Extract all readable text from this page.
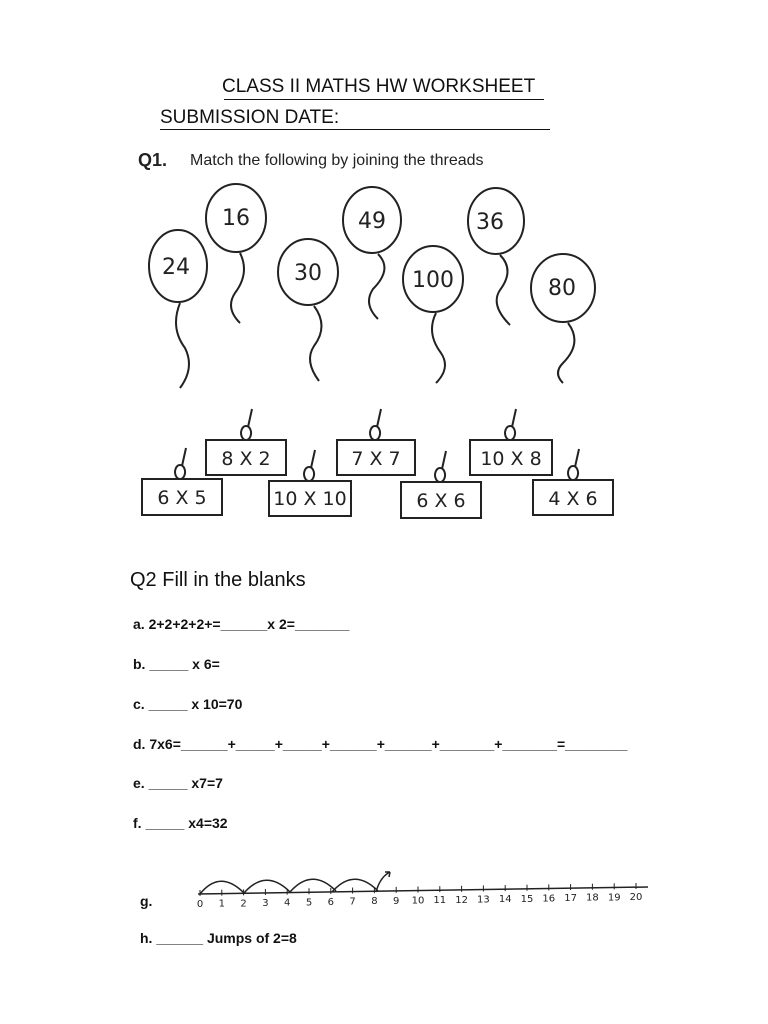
CLASS II MATHS HW WORKSHEET
SUBMISSION DATE:
Q1. Match the following by joining the threads
24
16
30
49
100
36
80
8 X 2	7 X 7	10 X 8
6 X 5	10 X 10	6 X 6	4 X 6
Q2 Fill in the blanks
a. 2+2+2+2+=______x 2=_______
b. _____ x 6=
c. _____ x 10=70
d. 7x6=______+_____+_____+______+______+_______+_______=________
e. _____ x7=7
f. _____ x4=32
g.	0 1 2 3 4 5 6 7 8 9 10 11 12 13 14 15 16 17 18 19 20
h. ______ Jumps of 2=8
